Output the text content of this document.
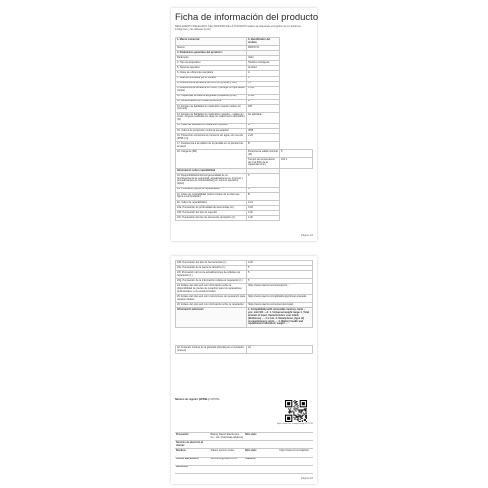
Ficha de información del producto
REGLAMENTO DELEGADO (UE) 2023/1669 DE LA COMISIÓN relativo al etiquetado energético de los teléfonos inteligentes y las tabletas (texto)
1. Marca comercial	3. Identificador del modelo	
Xiaomi	RMXX171	
4. Parámetros generales del producto:		
Parámetro	Valor	
4. Tipo de dispositivo	Teléfono inteligente	
5. Sistema operativo	Android	
6. Clase de eficiencia energética	A	
7. Batería controlada por el usuario	0	
8. Autonomía de la batería por ciclo (F/h)(horas y min)	72	
9. Autonomía de la batería en ciclos – perdiga: sin que deben (ciclos)	1.000	
10. Capacidad de batería asignada (Dcapacita) [mAh]	4.320	
11. Durantmados con Ciudad protectora	D	
12. Empleo de fiabilidad sin caída libre cuando caídas sin (número)	180	
13. Empleo de fiabilidad sin caída libre repetida – caídas sin ciclos: ninguna realizada sin dejar sin (calorímetro admisible) (%)	No aplicable	
14. Clase de fiabilidad sin caída libre repetida	B	
15. Índices de protección contra la penetración	IP68	
16. Protección estructural el momento sin agua: sin una ola (IP68 (m))	2.20	
17. Resistencia a la rapidez de la pantalla en su plenitud de la pared	B	
18. Carga de (Bd)	Potencia de salida nominal (W)	5
	Tiempo de recuperación del 0 al 80% de la capacidad (min)	100.1
Información sobre reparabilidad		
19. Disponibilidad Entrimex/generalidad de su funcionamiento de seguridad, actualizaciones en (número y procedimientos de funcionalidad) por número operativo (años)	5	
20. Puntuación global de reparabilidad	C	
21. Clase de reparabilidad (sobre la base de su lista que figura a continuación)	B	
22. Índice de reparabilidad	3.21	
23a. Puntuación de profundidad de desmontaje (ic)	3.00	
23b. Puntuación del tipo de sujeción	4.00	
23c. Puntuación del tipo de elementos de fijación (f.)	4.00	
Página 1/2
23d. Puntuación del tipo de herramientas (t.)	4.20
23e. Puntuación de la pieza de tamaños (t.)	5
23f. Puntuación de los de actualizaciones de software de reparación (t.)	5
23g. Puntuación de la información relativa al reparación (r.)	5
24. Enlace del sitio web con información sobre la disponibilidad de piezas de recambio para los reparadores profesionales y los usuarios finales	https://www.xiaomi.com/es/support/...
25. Enlace del sitio web con instrucciones de reparación para usuarios finales	https://www.xiaomi.com/global/support/user-manuals
26. Enlace del sitio web con información sobre la reparación	https://www.xiaomi.com/es/service/repair
Información adicional:	1. Compatibility with removable memory cards – yes; mini SD. —2. 1. Universal weight range 1. Total amount of input characteristics over which (thickness) – ~7.1 mm. 3. Smartphone, (type of) storage/memory units; ... 4. Battery health and replacement indication; weight ...

32. Duración mínima de la garantía ofrecida por el vendedor (meses)	24
Número de registro (EPREL): 1170711
https://eprel.ec.europa.eu/qr/1170711
Proveedor:	Beijing Xiaomi Electronics Co., Ltd. (Corporate address)	Sitio web:	
Servicio de atención al cliente:			
Nombre:	Xiaomi service center	Sitio web:	https://www.mi.com/global
Correo electrónico:	service.eu@xiaomi.com	Teléfono:	
Dirección:			
Página 2/2
